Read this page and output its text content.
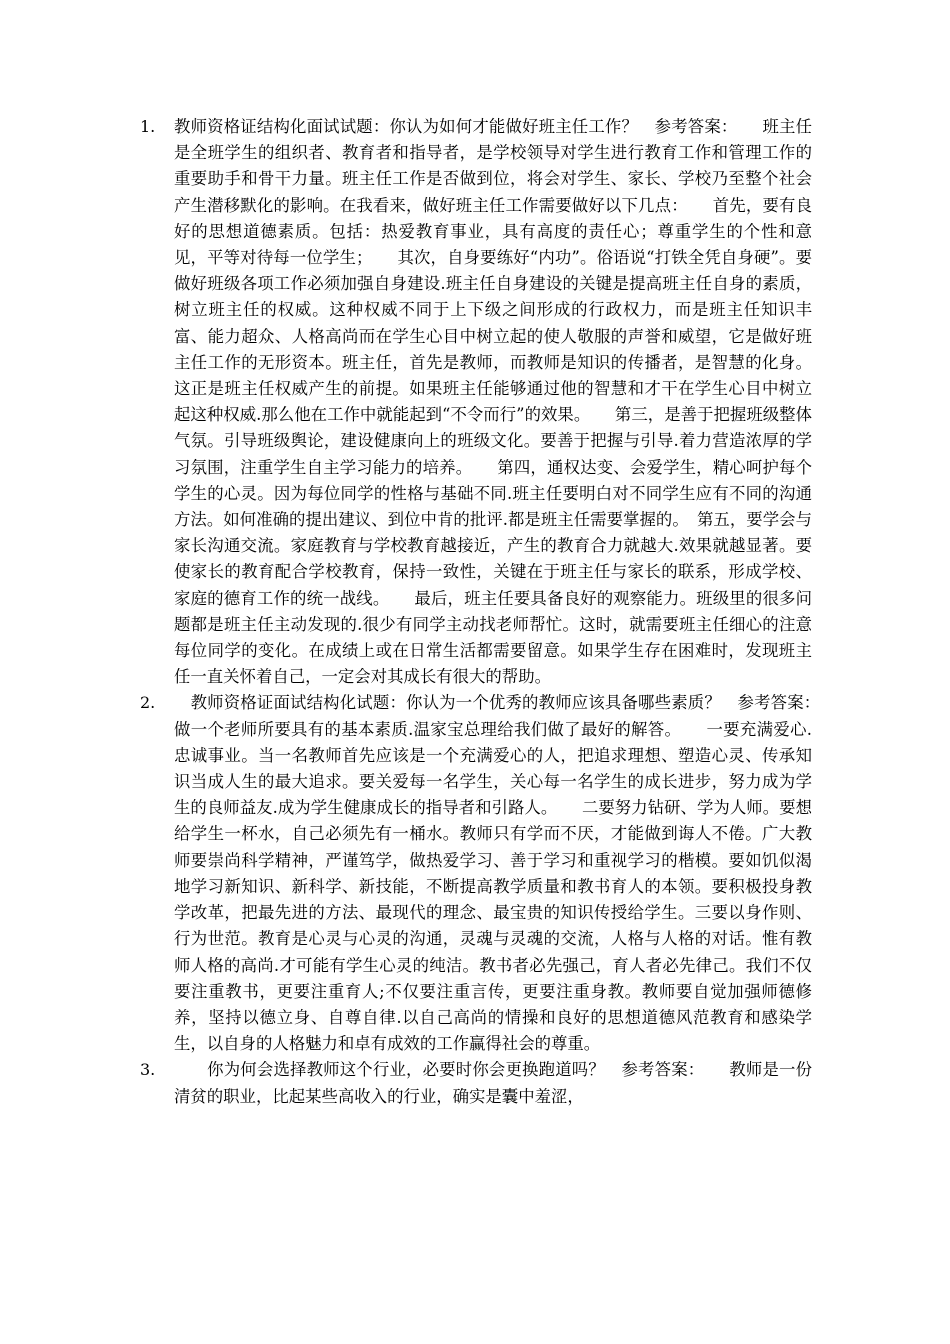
1. 教师资格证结构化面试试题：你认为如何才能做好班主任工作？　参考答案：　　班主任是全班学生的组织者、教育者和指导者，是学校领导对学生进行教育工作和管理工作的重要助手和骨干力量。班主任工作是否做到位，将会对学生、家长、学校乃至整个社会产生潜移默化的影响。在我看来，做好班主任工作需要做好以下几点：　　首先，要有良好的思想道德素质。包括：热爱教育事业，具有高度的责任心；尊重学生的个性和意见，平等对待每一位学生；　　其次，自身要练好“内功”。俗语说“打铁全凭自身硬”。要做好班级各项工作必须加强自身建设.班主任自身建设的关键是提高班主任自身的素质，树立班主任的权威。这种权威不同于上下级之间形成的行政权力，而是班主任知识丰富、能力超众、人格高尚而在学生心目中树立起的使人敬服的声誉和威望，它是做好班主任工作的无形资本。班主任，首先是教师，而教师是知识的传播者，是智慧的化身。这正是班主任权威产生的前提。如果班主任能够通过他的智慧和才干在学生心目中树立起这种权威.那么他在工作中就能起到“不令而行”的效果。　　第三，是善于把握班级整体气氛。引导班级舆论，建设健康向上的班级文化。要善于把握与引导.着力营造浓厚的学习氛围，注重学生自主学习能力的培养。　　第四，通权达变、会爱学生，精心呵护每个学生的心灵。因为每位同学的性格与基础不同.班主任要明白对不同学生应有不同的沟通方法。如何准确的提出建议、到位中肯的批评.都是班主任需要掌握的。　第五，要学会与家长沟通交流。家庭教育与学校教育越接近，产生的教育合力就越大.效果就越显著。要使家长的教育配合学校教育，保持一致性，关键在于班主任与家长的联系，形成学校、家庭的德育工作的统一战线。　　最后，班主任要具备良好的观察能力。班级里的很多问题都是班主任主动发现的.很少有同学主动找老师帮忙。这时，就需要班主任细心的注意每位同学的变化。在成绩上或在日常生活都需要留意。如果学生存在困难时，发现班主任一直关怀着自己，一定会对其成长有很大的帮助。

2. 　教师资格证面试结构化试题：你认为一个优秀的教师应该具备哪些素质？　参考答案：　　做一个老师所要具有的基本素质.温家宝总理给我们做了最好的解答。　　一要充满爱心.忠诚事业。当一名教师首先应该是一个充满爱心的人，把追求理想、塑造心灵、传承知识当成人生的最大追求。要关爱每一名学生，关心每一名学生的成长进步，努力成为学生的良师益友.成为学生健康成长的指导者和引路人。　　二要努力钻研、学为人师。要想给学生一杯水，自己必须先有一桶水。教师只有学而不厌，才能做到诲人不倦。广大教师要崇尚科学精神，严谨笃学，做热爱学习、善于学习和重视学习的楷模。要如饥似渴地学习新知识、新科学、新技能，不断提高教学质量和教书育人的本领。要积极投身教学改革，把最先进的方法、最现代的理念、最宝贵的知识传授给学生。三要以身作则、行为世范。教育是心灵与心灵的沟通，灵魂与灵魂的交流，人格与人格的对话。惟有教师人格的高尚.才可能有学生心灵的纯洁。教书者必先强己，育人者必先律己。我们不仅要注重教书，更要注重育人;不仅要注重言传，更要注重身教。教师要自觉加强师德修养，坚持以德立身、自尊自律.以自己高尚的情操和良好的思想道德风范教育和感染学生，以自身的人格魅力和卓有成效的工作赢得社会的尊重。

3. 　　你为何会选择教师这个行业，必要时你会更换跑道吗？　参考答案：　　教师是一份清贫的职业，比起某些高收入的行业，确实是囊中羞涩，
